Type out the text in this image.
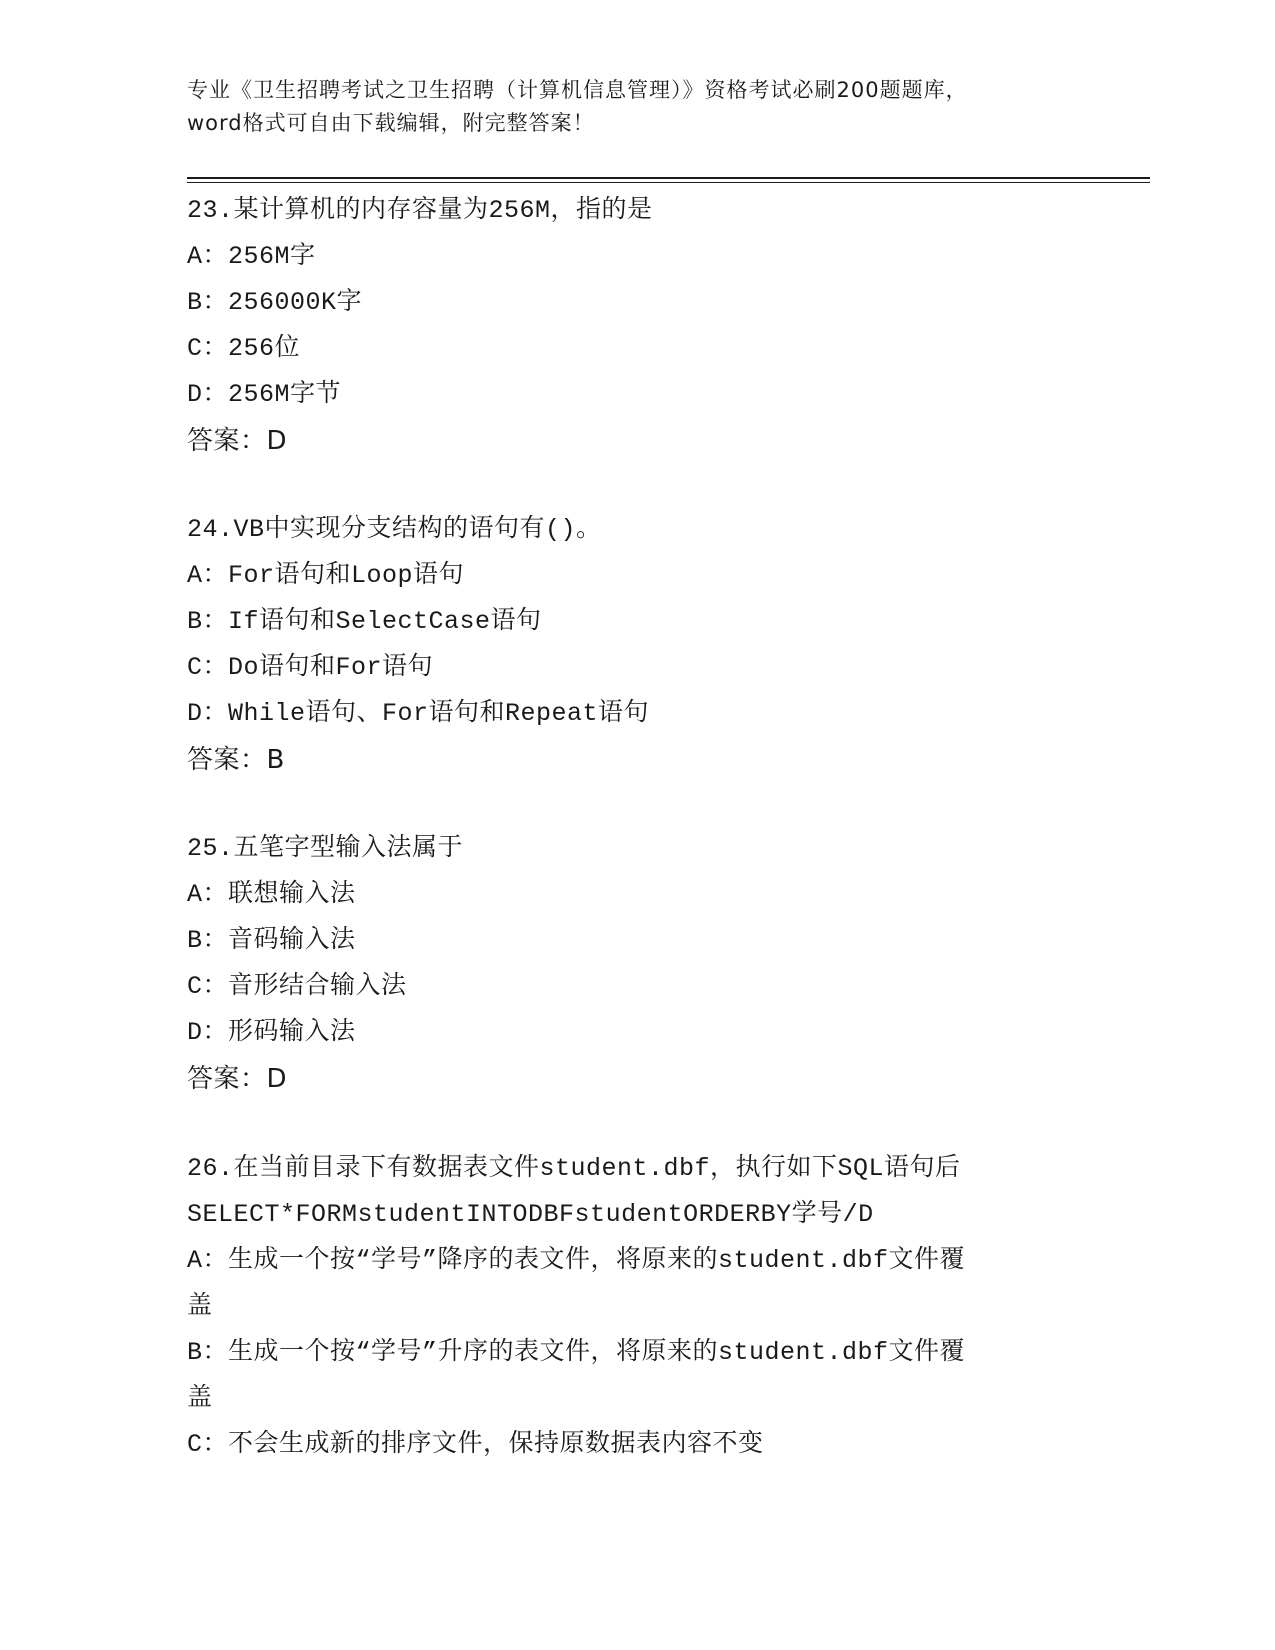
专业《卫生招聘考试之卫生招聘（计算机信息管理）》资格考试必刷200题题库，
word格式可自由下载编辑，附完整答案！
23.某计算机的内存容量为256M，指的是
A：256M字
B：256000K字
C：256位
D：256M字节
答案：D
24.VB中实现分支结构的语句有()。
A：For语句和Loop语句
B：If语句和SelectCase语句
C：Do语句和For语句
D：While语句、For语句和Repeat语句
答案：B
25.五笔字型输入法属于
A：联想输入法
B：音码输入法
C：音形结合输入法
D：形码输入法
答案：D
26.在当前目录下有数据表文件student.dbf，执行如下SQL语句后
SELECT*FORMstudentINTODBFstudentORDERBY学号/D
A：生成一个按“学号”降序的表文件，将原来的student.dbf文件覆
盖
B：生成一个按“学号”升序的表文件，将原来的student.dbf文件覆
盖
C：不会生成新的排序文件，保持原数据表内容不变
